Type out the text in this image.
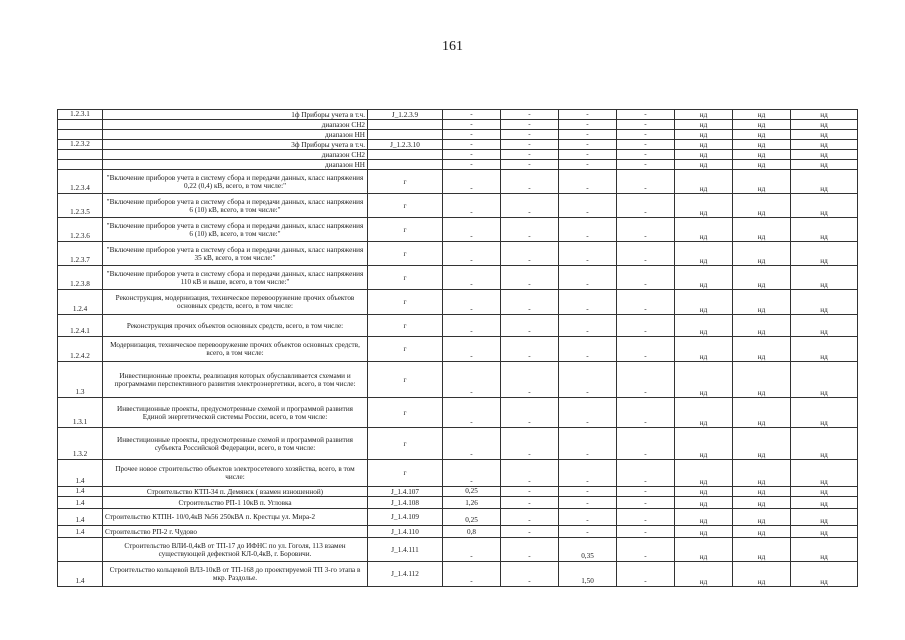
161
1.2.3.1	1ф Приборы учета в т.ч.	J_1.2.3.9	-	-	-	-	нд	нд	нд
	диапазон СН2		-	-	-	-	нд	нд	нд
	диапазон НН		-	-	-	-	нд	нд	нд
1.2.3.2	3ф Приборы учета в т.ч.	J_1.2.3.10	-	-	-	-	нд	нд	нд
	диапазон СН2		-	-	-	-	нд	нд	нд
	диапазон НН		-	-	-	-	нд	нд	нд
1.2.3.4	"Включение приборов учета в систему сбора и передачи данных, класс напряжения 0,22 (0,4) кВ, всего, в том числе:"	г	-	-	-	-	нд	нд	нд
1.2.3.5	"Включение приборов учета в систему сбора и передачи данных, класс напряжения 6 (10) кВ, всего, в том числе:"	г	-	-	-	-	нд	нд	нд
1.2.3.6	"Включение приборов учета в систему сбора и передачи данных, класс напряжения 6 (10) кВ, всего, в том числе:"	г	-	-	-	-	нд	нд	нд
1.2.3.7	"Включение приборов учета в систему сбора и передачи данных, класс напряжения 35 кВ, всего, в том числе:"	г	-	-	-	-	нд	нд	нд
1.2.3.8	"Включение приборов учета в систему сбора и передачи данных, класс напряжения 110 кВ и выше, всего, в том числе:"	г	-	-	-	-	нд	нд	нд
1.2.4	Реконструкция, модернизация, техническое перевооружение прочих объектов основных средств, всего, в том числе:	г	-	-	-	-	нд	нд	нд
1.2.4.1	Реконструкция прочих объектов основных средств, всего, в том числе:	г	-	-	-	-	нд	нд	нд
1.2.4.2	Модернизация, техническое перевооружение прочих объектов основных средств, всего, в том числе:	г	-	-	-	-	нд	нд	нд
1.3	Инвестиционные проекты, реализация которых обуславливается схемами и программами перспективного развития электроэнергетики, всего, в том числе:	г	-	-	-	-	нд	нд	нд
1.3.1	Инвестиционные проекты, предусмотренные схемой и программой развития Единой энергетической системы России, всего, в том числе:	г	-	-	-	-	нд	нд	нд
1.3.2	Инвестиционные проекты, предусмотренные схемой и программой развития субъекта Российской Федерации, всего, в том числе:	г	-	-	-	-	нд	нд	нд
1.4	Прочее новое строительство объектов электросетевого хозяйства, всего, в том числе:	г	-	-	-	-	нд	нд	нд
1.4	Строительство КТП-34 п. Демянск ( взамен изношенной)	J_1.4.107	0,25	-	-	-	нд	нд	нд
1.4	Строительство РП-1 10кВ п. Угловка	J_1.4.108	1,26	-	-	-	нд	нд	нд
1.4	Строительство КТПН- 10/0,4кВ №56 250кВА п. Крестцы ул. Мира-2	J_1.4.109	0,25	-	-	-	нд	нд	нд
1.4	Строительство РП-2 г. Чудово	J_1.4.110	0,8	-	-	-	нд	нд	нд
	Строительство ВЛИ-0,4кВ от ТП-17 до ИФНС по ул. Гоголя, 113 взамен существующей дефектной КЛ-0,4кВ, г. Боровичи.	J_1.4.111	-	-	0,35	-	нд	нд	нд
1.4	Строительство кольцевой ВЛЗ-10кВ от ТП-168 до проектируемой ТП 3-го этапа в мкр. Раздолье.	J_1.4.112	-	-	1,50	-	нд	нд	нд
